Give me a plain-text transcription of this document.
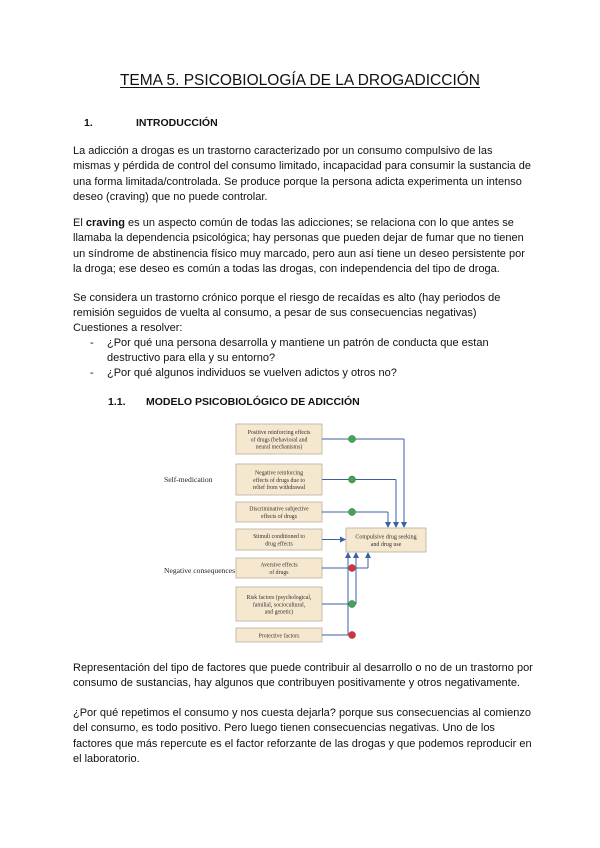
TEMA 5. PSICOBIOLOGÍA DE LA DROGADICCIÓN
1.	INTRODUCCIÓN
La adicción a drogas es un trastorno caracterizado por un consumo compulsivo de las mismas y pérdida de control del consumo limitado, incapacidad para consumir la sustancia de una forma limitada/controlada. Se produce porque la persona adicta experimenta un intenso deseo (craving) que no puede controlar.
El craving es un aspecto común de todas las adicciones; se relaciona con lo que antes se llamaba la dependencia psicológica; hay personas que pueden dejar de fumar que no tienen un síndrome de abstinencia físico muy marcado, pero aun así tiene un deseo persistente por la droga; ese deseo es común a todas las drogas, con independencia del tipo de droga.
Se considera un trastorno crónico porque el riesgo de recaídas es alto (hay periodos de remisión seguidos de vuelta al consumo, a pesar de sus consecuencias negativas)
Cuestiones a resolver:
- ¿Por qué una persona desarrolla y mantiene un patrón de conducta que estan destructivo para ella y su entorno?
- ¿Por qué algunos individuos se vuelven adictos y otros no?
1.1. MODELO PSICOBIOLÓGICO DE ADICCIÓN
Positive reinforcing effects
of drugs (behavioral and
neural mechanisms)
Negative reinforcing
effects of drugs due to
relief from withdrawal
Discriminative subjective
effects of drugs
Stimuli conditioned to
drug effects
Aversive effects
of drugs
Risk factors (psychological,
familial, sociocultural,
and genetic)
Protective factors
Compulsive drug seeking
and drug use
Self-medication
Negative consequences
Representación del tipo de factores que puede contribuir al desarrollo o no de un trastorno por consumo de sustancias, hay algunos que contribuyen positivamente y otros negativamente.
¿Por qué repetimos el consumo y nos cuesta dejarla? porque sus consecuencias al comienzo del consumo, es todo positivo. Pero luego tienen consecuencias negativas. Uno de los factores que más repercute es el factor reforzante de las drogas y que podemos reproducir en el laboratorio.
